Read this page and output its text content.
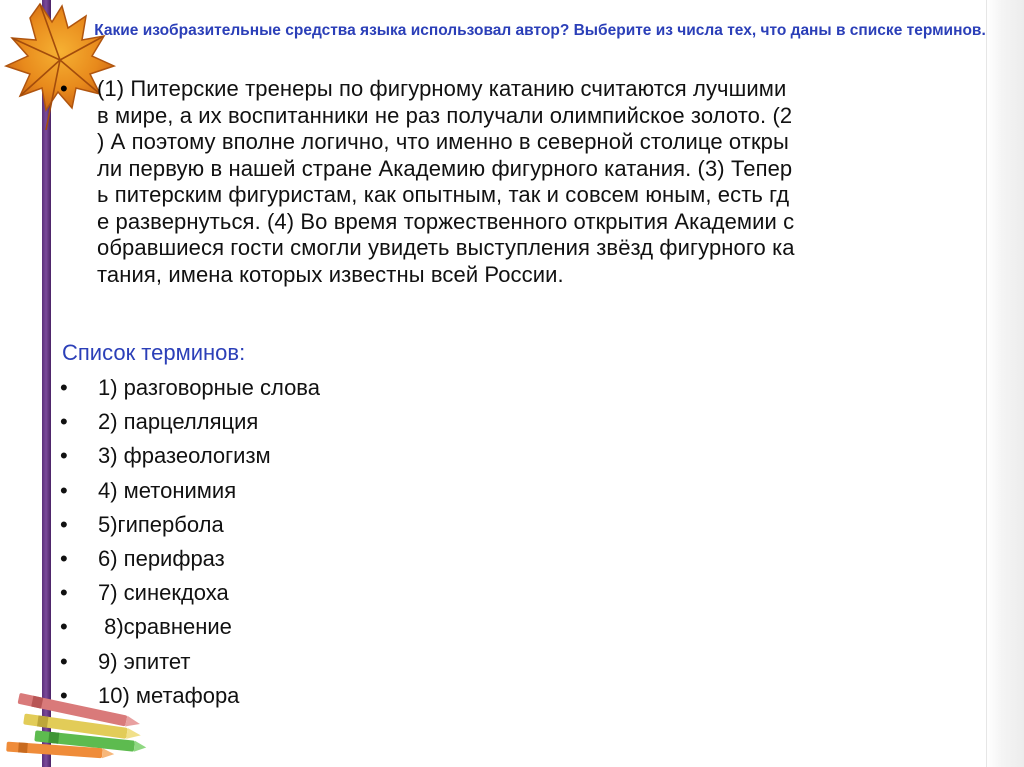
Какие изобразительные средства языка использовал автор? Выберите из числа тех, что даны в списке терминов.
• (1) Питерские тренеры по фигурному катанию считаются лучшими
в мире, а их воспитанники не раз получали олимпийское золото. (2
) А поэтому вполне логично, что именно в северной столице откры
ли первую в нашей стране Академию фигурного катания. (3) Тепер
ь питерским фигуристам, как опытным, так и совсем юным, есть гд
е развернуться. (4) Во время торжественного открытия Академии с
обравшиеся гости смогли увидеть выступления звёзд фигурного ка
тания, имена которых известны всей России.
Список терминов:
• 1) разговорные слова
• 2) парцелляция
• 3) фразеологизм
• 4) метонимия
• 5)гипербола
• 6) перифраз
• 7) синекдоха
• 8)сравнение
• 9) эпитет
• 10) метафора
